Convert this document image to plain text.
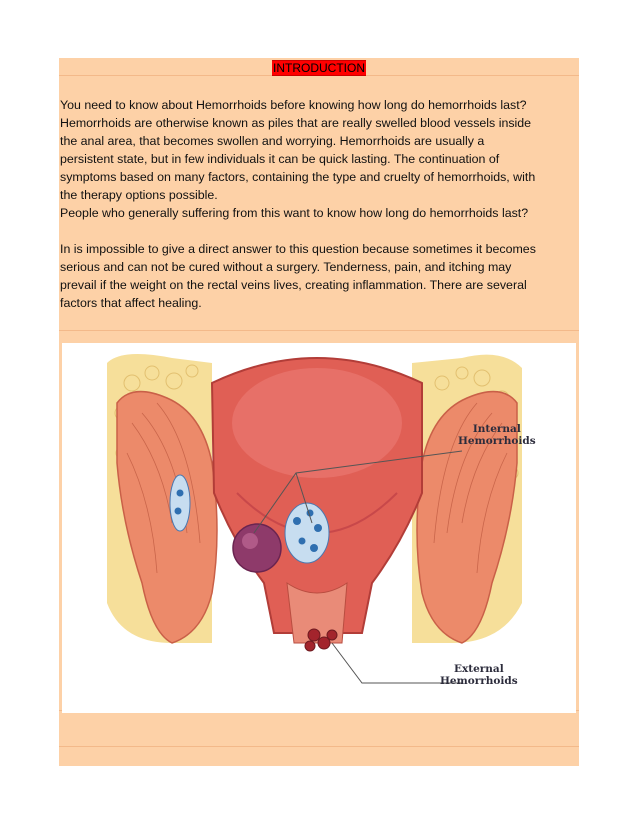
INTRODUCTION
You need to know about Hemorrhoids before knowing how long do hemorrhoids last?
Hemorrhoids are otherwise known as piles that are really swelled blood vessels inside
the anal area, that becomes swollen and worrying. Hemorrhoids are usually a
persistent state, but in few individuals it can be quick lasting. The continuation of
symptoms based on many factors, containing the type and cruelty of hemorrhoids, with
the therapy options possible.
People who generally suffering from this want to know how long do hemorrhoids last?
In is impossible to give a direct answer to this question because sometimes it becomes
serious and can not be cured without a surgery. Tenderness, pain, and itching may
prevail if the weight on the rectal veins lives, creating inflammation. There are several
factors that affect healing.
Internal
Hemorrhoids
External
Hemorrhoids
